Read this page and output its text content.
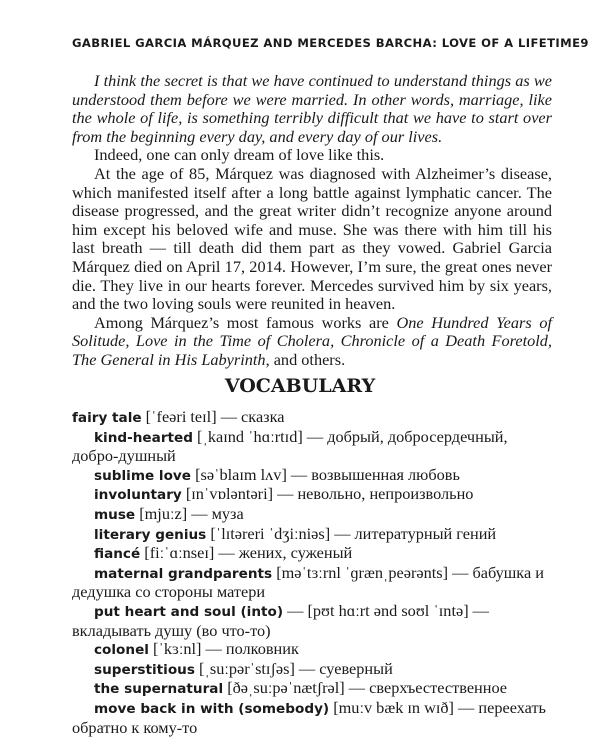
GABRIEL GARCIA MÁRQUEZ AND MERCEDES BARCHA: LOVE OF A LIFETIME 9

I think the secret is that we have continued to understand things as we understood them before we were married. In other words, marriage, like the whole of life, is something terribly difficult that we have to start over from the beginning every day, and every day of our lives.

Indeed, one can only dream of love like this.

At the age of 85, Márquez was diagnosed with Alzheimer’s disease, which manifested itself after a long battle against lymphatic cancer. The disease progressed, and the great writer didn’t recognize anyone around him except his beloved wife and muse. She was there with him till his last breath — till death did them part as they vowed. Gabriel Garcia Márquez died on April 17, 2014. However, I’m sure, the great ones never die. They live in our hearts forever. Mercedes survived him by six years, and the two loving souls were reunited in heaven.

Among Márquez’s most famous works are One Hundred Years of Solitude, Love in the Time of Cholera, Chronicle of a Death Foretold, The General in His Labyrinth, and others.

VOCABULARY

fairy tale [ˈfeəri teɪl] — сказка

kind-hearted [ˌkaɪnd ˈhɑːrtɪd] — добрый, добросердечный, добро-душный

sublime love [səˈblaɪm lʌv] — возвышенная любовь

involuntary [ɪnˈvɒləntəri] — невольно, непроизвольно

muse [mjuːz] — муза

literary genius [ˈlɪtəreri ˈdʒiːniəs] — литературный гений

fiancé [fiːˈɑːnseɪ] — жених, суженый

maternal grandparents [məˈtɜːrnl ˈɡrænˌpeərənts] — бабушка и дедушка со стороны матери

put heart and soul (into) — [pʊt hɑːrt ənd soʊl ˈɪntə] — вкладывать душу (во что-то)

colonel [ˈkɜːnl] — полковник

superstitious [ˌsuːpərˈstɪʃəs] — суеверный

the supernatural [ðəˌsuːpəˈnætʃrəl] — сверхъестественное

move back in with (somebody) [muːv bæk ɪn wɪð] — переехать обратно к кому-то
